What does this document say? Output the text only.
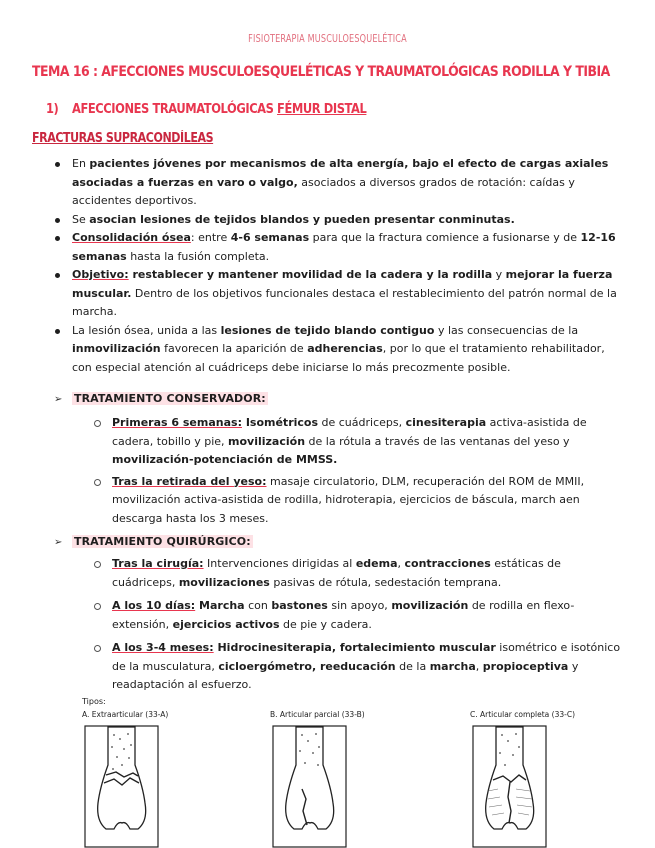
FISIOTERAPIA MUSCULOESQUELÉTICA
TEMA 16 : AFECCIONES MUSCULOESQUELÉTICAS Y TRAUMATOLÓGICAS RODILLA Y TIBIA
1) AFECCIONES TRAUMATOLÓGICAS FÉMUR DISTAL
FRACTURAS SUPRACONDÍLEAS
En pacientes jóvenes por mecanismos de alta energía, bajo el efecto de cargas axiales asociadas a fuerzas en varo o valgo, asociados a diversos grados de rotación: caídas y accidentes deportivos.
Se asocian lesiones de tejidos blandos y pueden presentar conminutas.
Consolidación ósea: entre 4-6 semanas para que la fractura comience a fusionarse y de 12-16 semanas hasta la fusión completa.
Objetivo: restablecer y mantener movilidad de la cadera y la rodilla y mejorar la fuerza muscular. Dentro de los objetivos funcionales destaca el restablecimiento del patrón normal de la marcha.
La lesión ósea, unida a las lesiones de tejido blando contiguo y las consecuencias de la inmovilización favorecen la aparición de adherencias, por lo que el tratamiento rehabilitador, con especial atención al cuádriceps debe iniciarse lo más precozmente posible.
➢ TRATAMIENTO CONSERVADOR:
Primeras 6 semanas: Isométricos de cuádriceps, cinesiterapia activa-asistida de cadera, tobillo y pie, movilización de la rótula a través de las ventanas del yeso y movilización-potenciación de MMSS.
Tras la retirada del yeso: masaje circulatorio, DLM, recuperación del ROM de MMII, movilización activa-asistida de rodilla, hidroterapia, ejercicios de báscula, march aen descarga hasta los 3 meses.
➢ TRATAMIENTO QUIRÚRGICO:
Tras la cirugía: Intervenciones dirigidas al edema, contracciones estáticas de cuádriceps, movilizaciones pasivas de rótula, sedestación temprana.
A los 10 días: Marcha con bastones sin apoyo, movilización de rodilla en flexo-extensión, ejercicios activos de pie y cadera.
A los 3-4 meses: Hidrocinesiterapia, fortalecimiento muscular isométrico e isotónico de la musculatura, cicloergómetro, reeducación de la marcha, propioceptiva y readaptación al esfuerzo.
Tipos:
A. Extraarticular (33-A)	B. Articular parcial (33-B)	C. Articular completa (33-C)
